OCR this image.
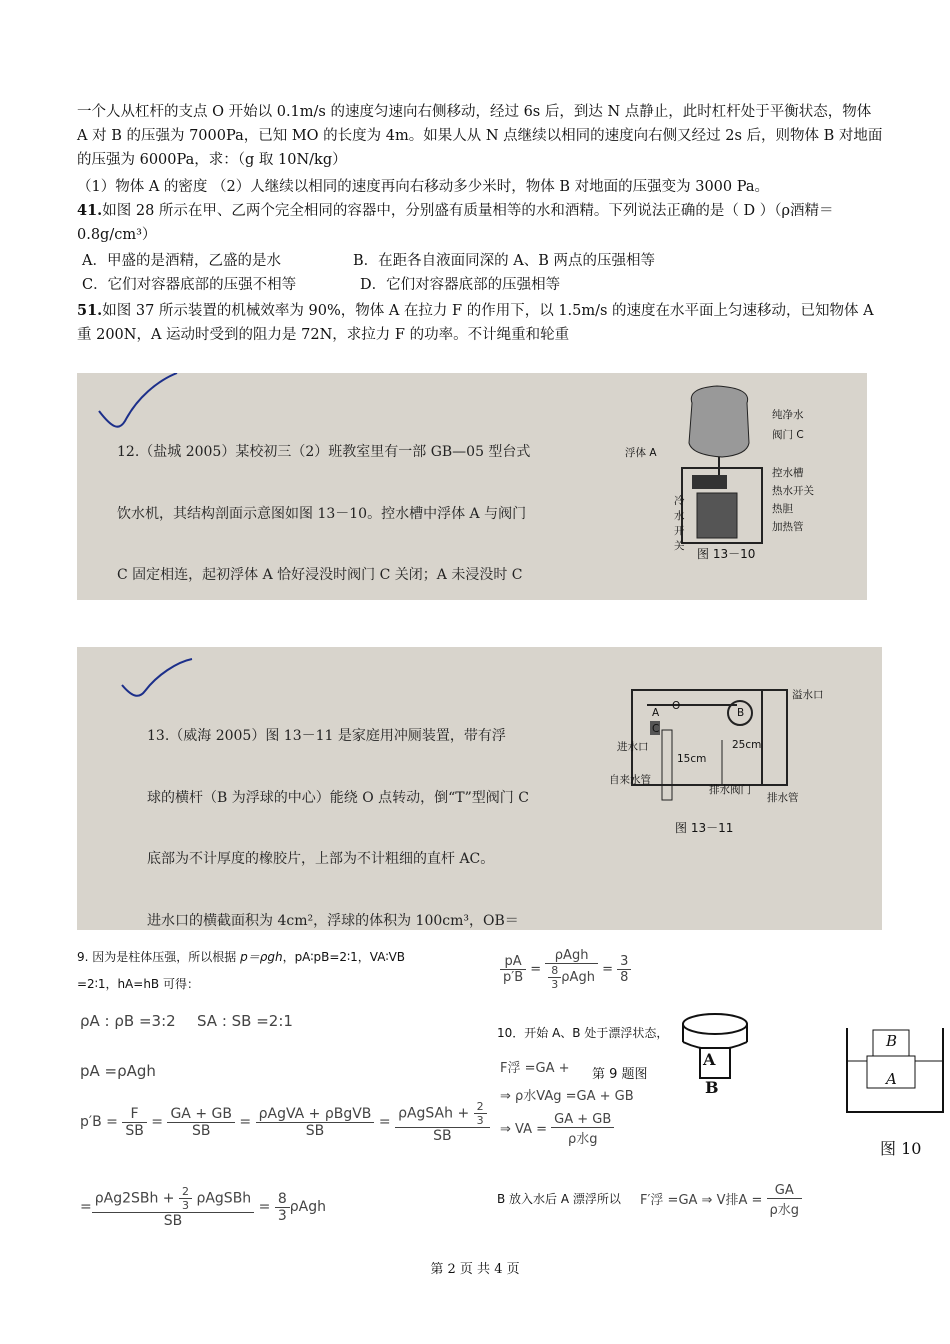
一个人从杠杆的支点 O 开始以 0.1m/s 的速度匀速向右侧移动，经过 6s 后，到达 N 点静止，此时杠杆处于平衡状态，物体 A 对 B 的压强为 7000Pa，已知 MO 的长度为 4m。如果人从 N 点继续以相同的速度向右侧又经过 2s 后，则物体 B 对地面的压强为 6000Pa，求：（g 取 10N/kg）
（1）物体 A 的密度 （2）人继续以相同的速度再向右移动多少米时，物体 B 对地面的压强变为 3000 Pa。
41.如图 28 所示在甲、乙两个完全相同的容器中，分别盛有质量相等的水和酒精。下列说法正确的是（ D ）（ρ酒精＝0.8g/cm³）
A．甲盛的是酒精，乙盛的是水	B．在距各自液面同深的 A、B 两点的压强相等
C．它们对容器底部的压强不相等	D．它们对容器底部的压强相等
51.如图 37 所示装置的机械效率为 90%，物体 A 在拉力 F 的作用下，以 1.5m/s 的速度在水平面上匀速移动，已知物体 A 重 200N，A 运动时受到的阻力是 72N，求拉力 F 的功率。不计绳重和轮重

12.（盐城 2005）某校初三（2）班教室里有一部 GB—05 型台式

饮水机，其结构剖面示意图如图 13－10。控水槽中浮体 A 与阀门

C 固定相连，起初浮体 A 恰好浸没时阀门 C 关闭；A 未浸没时 C

纯净水
阀门 C
浮体 A
控水槽
热水开关
热胆
冷水开关
加热管
图 13－10

13.（威海 2005）图 13－11 是家庭用冲厕装置，带有浮

球的横杆（B 为浮球的中心）能绕 O 点转动，倒“T”型阀门 C

底部为不计厚度的橡胶片，上部为不计粗细的直杆 AC。

进水口的横截面积为 4cm²，浮球的体积为 100cm³，OB＝

溢水口
进水口
自来水管
排水阀门
排水管
25cm
15cm
A
O
B
C
图 13－11
9. 因为是柱体压强，所以根据 p＝ρgh，pA∶pB=2∶1，VA∶VB
=2∶1，hA=hB 可得：
ρA : ρB =3:2 SA : SB =2:1
pA =ρAgh
$p'B = \frac{F}{SB} = \frac{GA + GB}{SB} = \frac{\text{ρAgVA + ρBgVB}}{SB} = \frac{\rho AgSAh + \frac{2}{3}}{SB}$
= $\frac{\rho Ag2SBh + \frac{2}{3} \rho AgSBh}{SB} = \frac{8}{3}$ ρAgh
$\frac{pA}{p'B} = \frac{\text{ρAgh}}{\frac{8}{3} \rho Agh} = \frac{3}{8}$
10．开始 A、B 处于漂浮状态，
F浮 =GA + 第 9 题图
⇒ ρ水VAg =GA + GB
⇒ VA = $\frac{GA + GB}{\text{ρ水g}}$
A
B
B
A
图 10
B 放入水后 A 漂浮所以 F′浮 =GA ⇒ V排$A = \frac{GA}{\text{ρ水g}}$
第 2 页 共 4 页
